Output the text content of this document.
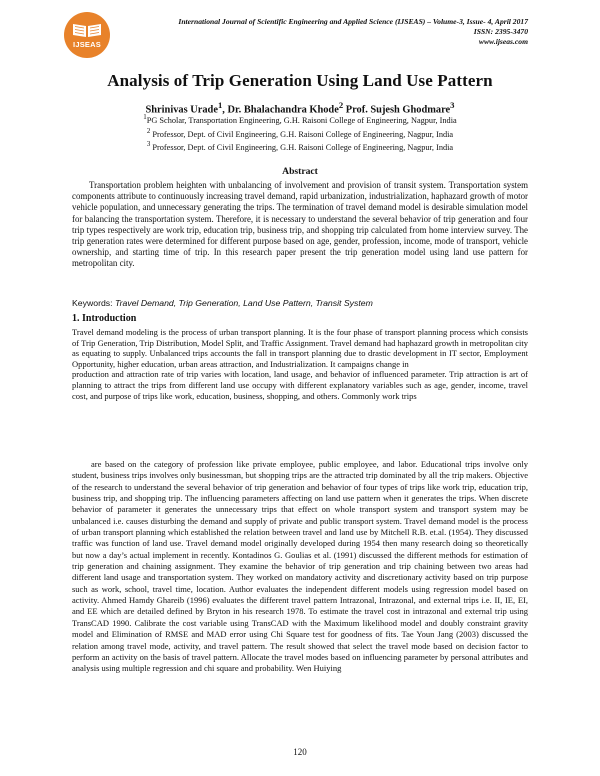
IJSEAS
International Journal of Scientific Engineering and Applied Science (IJSEAS) – Volume-3, Issue- 4, April 2017
ISSN: 2395-3470
www.ijseas.com
Analysis of Trip Generation Using Land Use Pattern
Shrinivas Urade$^1$, Dr. Bhalachandra Khode$^2$ Prof. Sujesh Ghodmare$^3$
$^1$PG Scholar, Transportation Engineering, G.H. Raisoni College of Engineering, Nagpur, India
$^2$ Professor, Dept. of Civil Engineering, G.H. Raisoni College of Engineering, Nagpur, India
$^3$ Professor, Dept. of Civil Engineering, G.H. Raisoni College of Engineering, Nagpur, India
Abstract

Transportation problem heighten with unbalancing of involvement and provision of transit system. Transportation system components attribute to continuously increasing travel demand, rapid urbanization, industrialization, haphazard growth of motor vehicle population, and unnecessary generating the trips. The termination of travel demand model is desirable simulation model for balancing the transportation system. Therefore, it is necessary to understand the several behavior of trip generation and four trip types respectively are work trip, education trip, business trip, and shopping trip calculated from home interview survey. The trip generation rates were determined for different purpose based on age, gender, profession, income, mode of transport, vehicle ownership, and starting time of trip. In this research paper present the trip generation model using land use pattern for metropolitan city.

Keywords: Travel Demand, Trip Generation, Land Use Pattern, Transit System
1. Introduction
Travel demand modeling is the process of urban transport planning. It is the four phase of transport planning process which consists of Trip Generation, Trip Distribution, Model Split, and Traffic Assignment. Travel demand had haphazard growth in metropolitan city as equating to supply. Unbalanced trips accounts the fall in transport planning due to drastic development in IT sector, Employment Opportunity, higher education, urban areas attraction, and Industrialization. It campaigns change in
production and attraction rate of trip varies with location, land usage, and behavior of influenced parameter. Trip attraction is art of planning to attract the trips from different land use occupy with different explanatory variables such as age, gender, income, travel cost, and purpose of trips like work, education, business, shopping, and others. Commonly work trips

are based on the category of profession like private employee, public employee, and labor. Educational trips involve only student, business trips involves only businessman, but shopping trips are the attracted trip dominated by all the trip makers. Objective of the research to understand the several behavior of trip generation and behavior of four types of trips like work trip, education trip, business trip, and shopping trip. The influencing parameters affecting on land use pattern when it generates the trips. When discrete behavior of parameter it generates the unnecessary trips that effect on whole transport system and transport system may be unbalanced i.e. causes disturbing the demand and supply of private and public transport system. Travel demand model is the process of urban transport planning which established the relation between travel and land use by Mitchell R.B. et.al. (1954). They discussed traffic was function of land use. Travel demand model originally developed during 1954 then many research doing so theoretically but now a day’s actual implement in recently. Kontadinos G. Goulias et al. (1991) discussed the different methods for estimation of trip generation and chaining assignment. They examine the behavior of trip generation and trip chaining between two areas had different land usage and transportation system. They worked on mandatory activity and discretionary activity based on trip purpose such as work, school, travel time, location. Author evaluates the independent different models using regression model based on activity. Ahmed Hamdy Ghareib (1996) evaluates the different travel pattern Intrazonal, Intrazonal, and external trips i.e. II, IE, EI, and EE which are detailed defined by Bryton in his research 1978. To estimate the travel cost in intrazonal and external trip using TransCAD 1990. Calibrate the cost variable using TransCAD with the Maximum likelihood model and doubly constraint gravity model and Elimination of RMSE and MAD error using Chi Square test for goodness of fits. Tae Youn Jang (2003) discussed the relation among travel mode, activity, and travel pattern. The result showed that select the travel mode based on decision factor to perform an activity on the basis of travel pattern. Allocate the travel modes based on influencing parameter by personal attributes and analysis using multiple regression and chi square and probability. Wen Huiying

120
